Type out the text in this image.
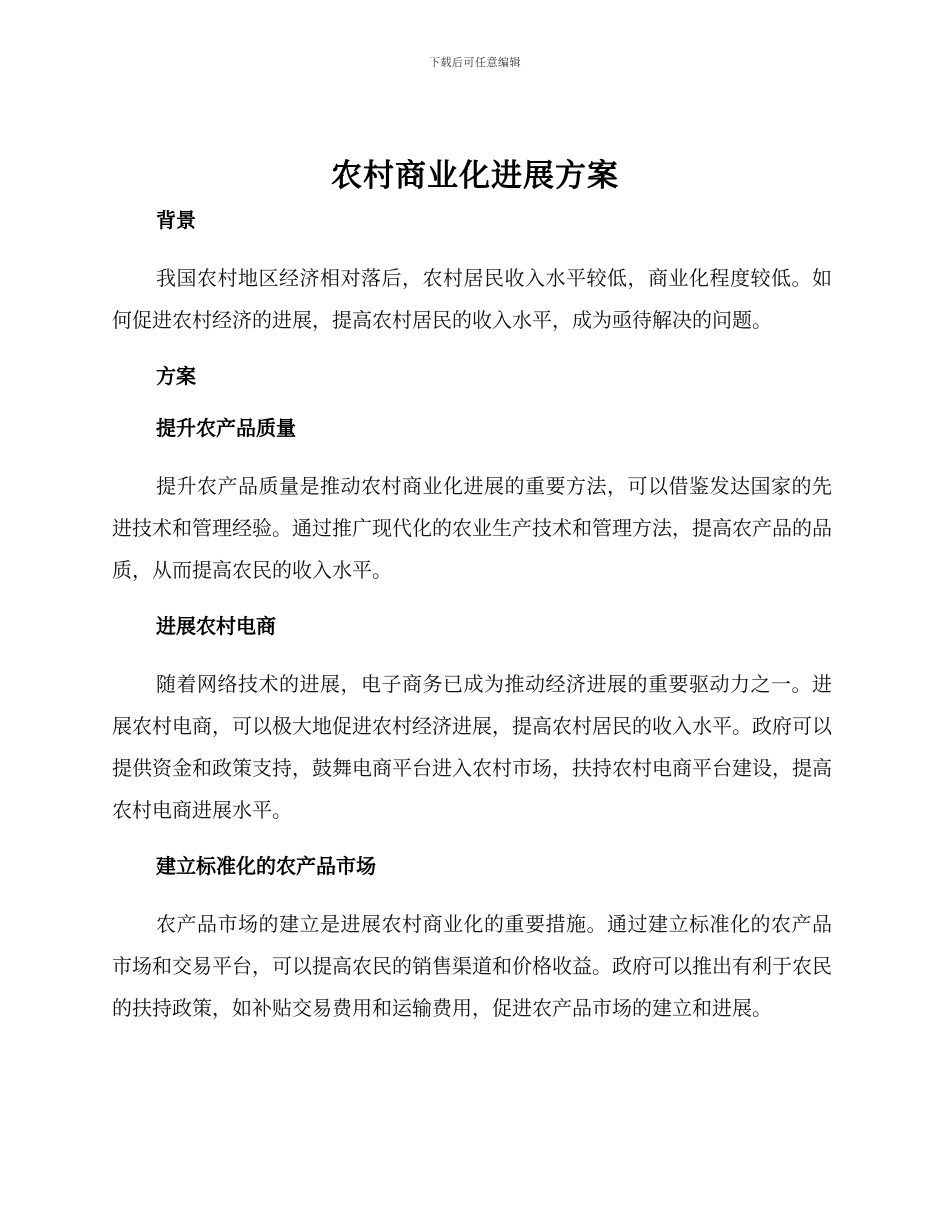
下载后可任意编辑
农村商业化进展方案
背景

我国农村地区经济相对落后，农村居民收入水平较低，商业化程度较低。如何促进农村经济的进展，提高农村居民的收入水平，成为亟待解决的问题。

方案
提升农产品质量

提升农产品质量是推动农村商业化进展的重要方法，可以借鉴发达国家的先进技术和管理经验。通过推广现代化的农业生产技术和管理方法，提高农产品的品质，从而提高农民的收入水平。

进展农村电商

随着网络技术的进展，电子商务已成为推动经济进展的重要驱动力之一。进展农村电商，可以极大地促进农村经济进展，提高农村居民的收入水平。政府可以提供资金和政策支持，鼓舞电商平台进入农村市场，扶持农村电商平台建设，提高农村电商进展水平。

建立标准化的农产品市场

农产品市场的建立是进展农村商业化的重要措施。通过建立标准化的农产品市场和交易平台，可以提高农民的销售渠道和价格收益。政府可以推出有利于农民的扶持政策，如补贴交易费用和运输费用，促进农产品市场的建立和进展。
